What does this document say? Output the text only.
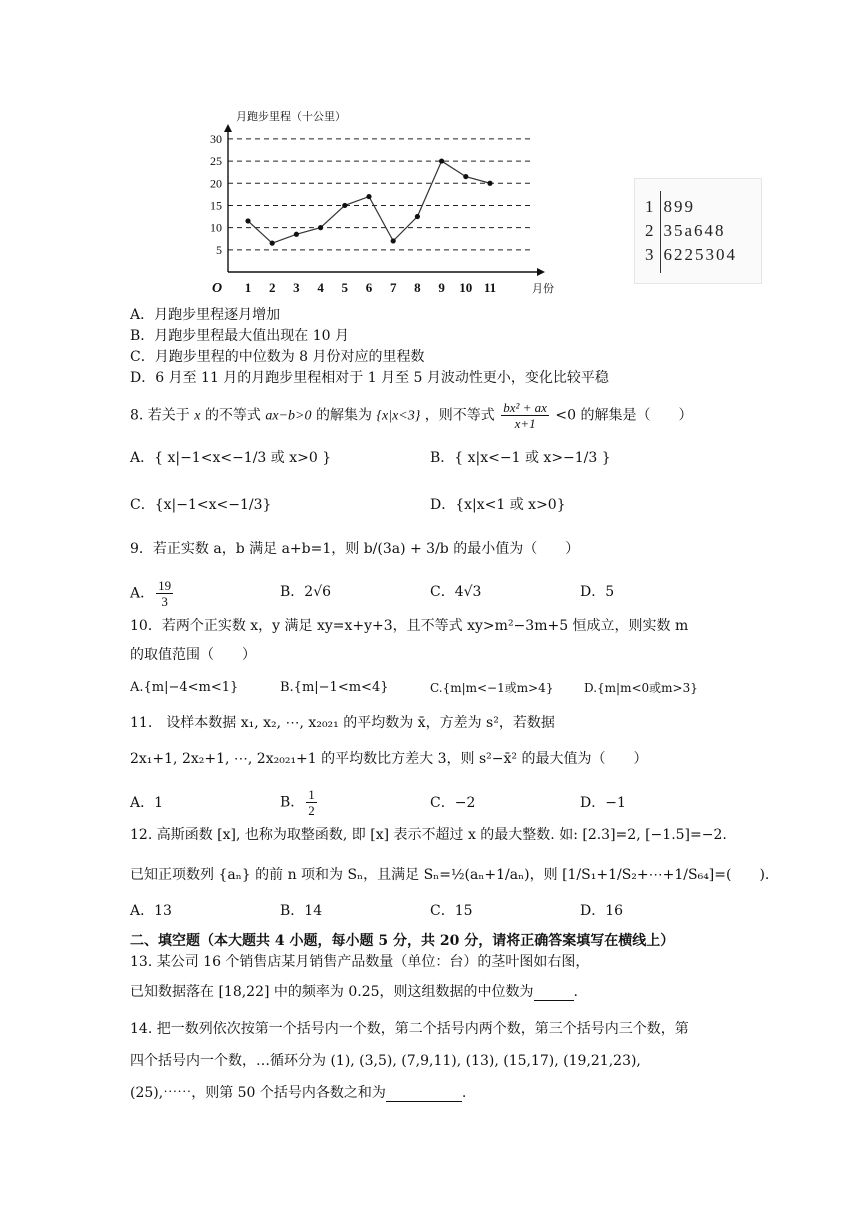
月跑步里程（十公里）
月份
O
5
10
15
20
25
30
1 2 3 4 5 6 7 8 9 10 11
1 899
2 35a648
3 6225304
A．月跑步里程逐月增加
B．月跑步里程最大值出现在 10 月
C．月跑步里程的中位数为 8 月份对应的里程数
D．6 月至 11 月的月跑步里程相对于 1 月至 5 月波动性更小，变化比较平稳
8. 若关于 x 的不等式 ax−b>0 的解集为 {x|x<3} ，则不等式 $\frac{\text{bx² + ax}}{x+1} <0$ 的解集是（　　）
A．{ x|−1<x<−1/3 或 x>0 }	B．{ x|x<−1 或 x>−1/3 }
C．{x|−1<x<−1/3}	D．{x|x<1 或 x>0}
9．若正实数 a，b 满足 a+b=1，则 b/(3a) + 3/b 的最小值为（　　）
A． $\frac{19}{3}$	B．2√6	C．4√3	D．5
10．若两个正实数 x，y 满足 xy=x+y+3，且不等式 xy>m²−3m+5 恒成立，则实数 m
的取值范围（　　）
A.{m|−4<m<1}	B.{m|−1<m<4}	C.{m|m<−1或m>4}	D.{m|m<0或m>3}
11.　设样本数据 x₁, x₂, ⋯, x₂₀₂₁ 的平均数为 x̄，方差为 s²，若数据
2x₁+1, 2x₂+1, ⋯, 2x₂₀₂₁+1 的平均数比方差大 3，则 s²−x̄² 的最大值为（　　）
A．1	B． $\frac{1}{2}$	C．−2	D．−1
12. 高斯函数 [x], 也称为取整函数, 即 [x] 表示不超过 x 的最大整数. 如: [2.3]=2, [−1.5]=−2.
已知正项数列 {aₙ} 的前 n 项和为 Sₙ，且满足 Sₙ=½(aₙ+1/aₙ)，则 [1/S₁+1/S₂+⋯+1/S₆₄]=(　　).
A．13	B．14	C．15	D．16
二、填空题（本大题共 4 小题，每小题 5 分，共 20 分，请将正确答案填写在横线上）
13. 某公司 16 个销售店某月销售产品数量（单位：台）的茎叶图如右图，
已知数据落在 [18,22] 中的频率为 0.25，则这组数据的中位数为	.
14. 把一数列依次按第一个括号内一个数，第二个括号内两个数，第三个括号内三个数，第
四个括号内一个数，…循环分为 (1), (3,5), (7,9,11), (13), (15,17), (19,21,23),
(25),⋯⋯，则第 50 个括号内各数之和为	.
